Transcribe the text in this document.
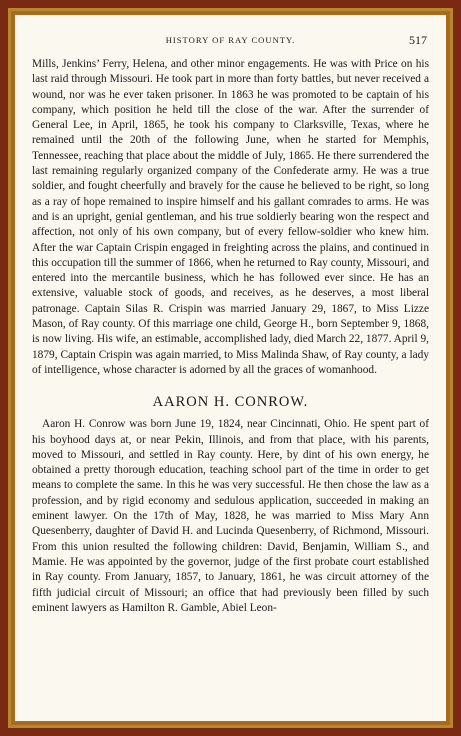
HISTORY OF RAY COUNTY.	517

Mills, Jenkins’ Ferry, Helena, and other minor engagements. He was with Price on his last raid through Missouri. He took part in more than forty battles, but never received a wound, nor was he ever taken prisoner. In 1863 he was promoted to be captain of his company, which position he held till the close of the war. After the surrender of General Lee, in April, 1865, he took his company to Clarksville, Texas, where he remained until the 20th of the following June, when he started for Memphis, Tennessee, reaching that place about the middle of July, 1865. He there surrendered the last remaining regularly organized company of the Confederate army. He was a true soldier, and fought cheerfully and bravely for the cause he believed to be right, so long as a ray of hope remained to inspire himself and his gallant comrades to arms. He was and is an upright, genial gentleman, and his true soldierly bearing won the respect and affection, not only of his own company, but of every fellow-soldier who knew him. After the war Captain Crispin engaged in freighting across the plains, and continued in this occupation till the summer of 1866, when he returned to Ray county, Missouri, and entered into the mercantile business, which he has followed ever since. He has an extensive, valuable stock of goods, and receives, as he deserves, a most liberal patronage. Captain Silas R. Crispin was married January 29, 1867, to Miss Lizze Mason, of Ray county. Of this marriage one child, George H., born September 9, 1868, is now living. His wife, an estimable, accomplished lady, died March 22, 1877. April 9, 1879, Captain Crispin was again married, to Miss Malinda Shaw, of Ray county, a lady of intelligence, whose character is adorned by all the graces of womanhood.

AARON H. CONROW.

Aaron H. Conrow was born June 19, 1824, near Cincinnati, Ohio. He spent part of his boyhood days at, or near Pekin, Illinois, and from that place, with his parents, moved to Missouri, and settled in Ray county. Here, by dint of his own energy, he obtained a pretty thorough education, teaching school part of the time in order to get means to complete the same. In this he was very successful. He then chose the law as a profession, and by rigid economy and sedulous application, succeeded in making an eminent lawyer. On the 17th of May, 1828, he was married to Miss Mary Ann Quesenberry, daughter of David H. and Lucinda Quesenberry, of Richmond, Missouri. From this union resulted the following children: David, Benjamin, William S., and Mamie. He was appointed by the governor, judge of the first probate court established in Ray county. From January, 1857, to January, 1861, he was circuit attorney of the fifth judicial circuit of Missouri; an office that had previously been filled by such eminent lawyers as Hamilton R. Gamble, Abiel Leon-
